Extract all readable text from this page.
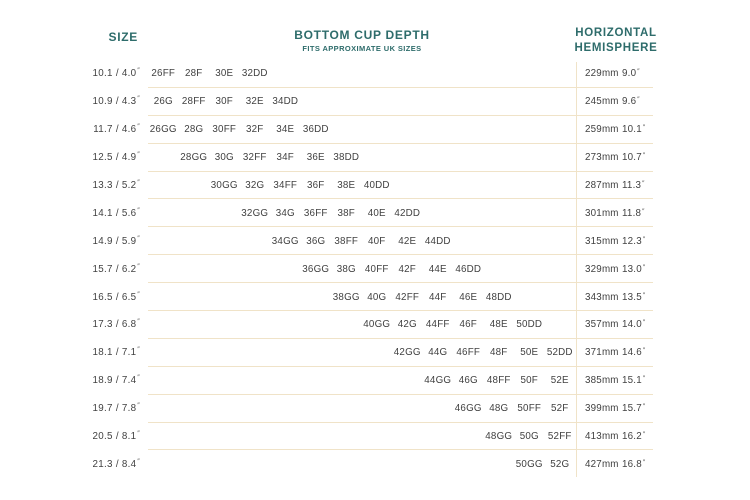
SIZE	BOTTOM CUP DEPTH
FITS APPROXIMATE UK SIZES
HORIZONTAL
HEMISPHERE
10.1 / 4.0 ″	26FF	28F	30E 32DD	229mm 9.0″
10.9 / 4.3 ″	26G 28FF	30F	32E 34DD	245mm 9.6″
11.7 / 4.6 ″ 26GG 28G 30FF	32F	34E 36DD	259mm 10.1″
12.5 / 4.9 ″	28GG 30G 32FF	34F	36E 38DD	273mm 10.7″
13.3 / 5.2 ″	30GG 32G 34FF	36F	38E 40DD	287mm 11.3″
14.1 / 5.6 ″	32GG 34G 36FF	38F	40E 42DD	301mm 11.8″
14.9 / 5.9 ″	34GG 36G 38FF	40F	42E 44DD	315mm 12.3″
15.7 / 6.2 ″	36GG 38G 40FF	42F	44E 46DD	329mm 13.0″
16.5 / 6.5 ″	38GG 40G 42FF	44F	46E 48DD	343mm 13.5″
17.3 / 6.8 ″	40GG 42G 44FF	46F	48E 50DD	357mm 14.0″
18.1 / 7.1 ″	42GG 44G 46FF	48F	50E 52DD 371mm 14.6″
18.9 / 7.4 ″	44GG 46G 48FF	50F	52E	385mm 15.1″
19.7 / 7.8 ″	46GG 48G 50FF	52F	399mm 15.7″
20.5 / 8.1 ″	48GG 50G 52FF	413mm 16.2″
21.3 / 8.4 ″	50GG 52G	427mm 16.8″
